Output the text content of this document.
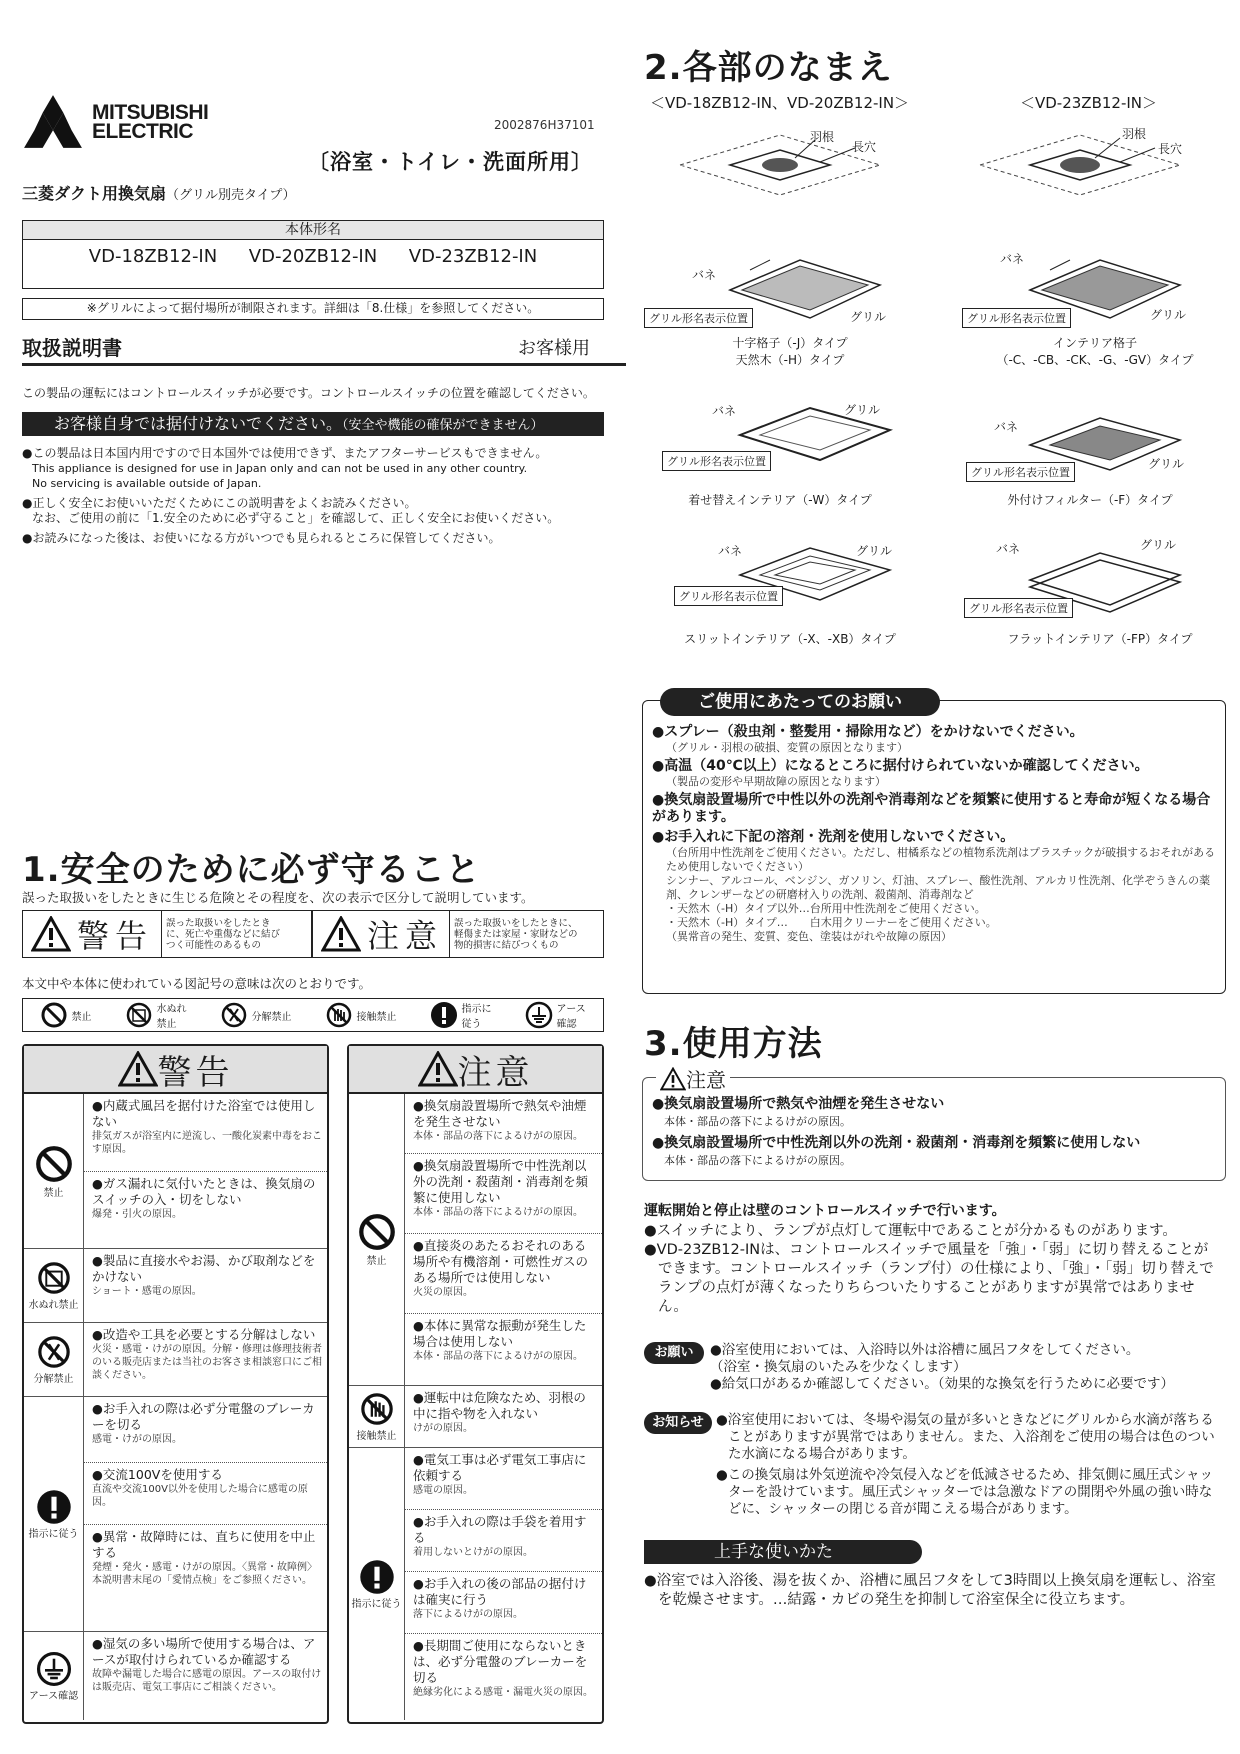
MITSUBISHI
ELECTRIC	2002876H37101
〔浴室・トイレ・洗面所用〕
三菱ダクト用換気扇（グリル別売タイプ）
本体形名
VD-18ZB12-IN VD-20ZB12-IN VD-23ZB12-IN
※グリルによって据付場所が制限されます。詳細は「8.仕様」を参照してください。
取扱説明書	お客様用
この製品の運転にはコントロールスイッチが必要です。コントロールスイッチの位置を確認してください。
お客様自身では据付けないでください。（安全や機能の確保ができません）
●この製品は日本国内用ですので日本国外では使用できず、またアフターサービスもできません。
This appliance is designed for use in Japan only and can not be used in any other country.
No servicing is available outside of Japan.
●正しく安全にお使いいただくためにこの説明書をよくお読みください。
なお、ご使用の前に「1.安全のために必ず守ること」を確認して、正しく安全にお使いください。
●お読みになった後は、お使いになる方がいつでも見られるところに保管してください。
1.安全のために必ず守ること
誤った取扱いをしたときに生じる危険とその程度を、次の表示で区分して説明しています。
警告	誤った取扱いをしたときに、死亡や重傷などに結びつく可能性のあるもの	注意	誤った取扱いをしたときに、軽傷または家屋・家財などの物的損害に結びつくもの
本文中や本体に使われている図記号の意味は次のとおりです。
禁止
水ぬれ禁止
分解禁止	接触禁止
指示に従う
アース確認
警告
禁止
●内蔵式風呂を据付けた浴室では使用しない
排気ガスが浴室内に逆流し、一酸化炭素中毒をおこす原因。
●ガス漏れに気付いたときは、換気扇のスイッチの入・切をしない
爆発・引火の原因。
水ぬれ禁止
●製品に直接水やお湯、かび取剤などをかけない
ショート・感電の原因。
分解禁止
●改造や工具を必要とする分解はしない
火災・感電・けがの原因。分解・修理は修理技術者のいる販売店または当社のお客さま相談窓口にご相談ください。
指示に従う
●お手入れの際は必ず分電盤のブレーカーを切る
感電・けがの原因。
●交流100Vを使用する
直流や交流100V以外を使用した場合に感電の原因。
●異常・故障時には、直ちに使用を中止する
発煙・発火・感電・けがの原因。〈異常・故障例〉本説明書末尾の「愛情点検」をご参照ください。
アース確認
●湿気の多い場所で使用する場合は、アースが取付けられているか確認する
故障や漏電した場合に感電の原因。アースの取付けは販売店、電気工事店にご相談ください。
注意
禁止
●換気扇設置場所で熱気や油煙を発生させない
本体・部品の落下によるけがの原因。
●換気扇設置場所で中性洗剤以外の洗剤・殺菌剤・消毒剤を頻繁に使用しない
本体・部品の落下によるけがの原因。
●直接炎のあたるおそれのある場所や有機溶剤・可燃性ガスのある場所では使用しない
火災の原因。
●本体に異常な振動が発生した場合は使用しない
本体・部品の落下によるけがの原因。
接触禁止
●運転中は危険なため、羽根の中に指や物を入れない
けがの原因。
指示に従う
●電気工事は必ず電気工事店に依頼する
感電の原因。
●お手入れの際は手袋を着用する
着用しないとけがの原因。
●お手入れの後の部品の据付けは確実に行う
落下によるけがの原因。
●長期間ご使用にならないときは、必ず分電盤のブレーカーを切る
絶縁劣化による感電・漏電火災の原因。
2.各部のなまえ
＜VD-18ZB12-IN、VD-20ZB12-IN＞	＜VD-23ZB12-IN＞
羽根
長穴
羽根
長穴
バネ
グリル
グリル形名表示位置
十字格子（-J）タイプ
天然木（-H）タイプ
バネ
グリル
グリル形名表示位置
インテリア格子
（-C、-CB、-CK、-G、-GV）タイプ
バネ	グリル
グリル形名表示位置
着せ替えインテリア（-W）タイプ
バネ
グリル
グリル形名表示位置
外付けフィルター（-F）タイプ
バネ	グリル
グリル形名表示位置
スリットインテリア（-X、-XB）タイプ
バネ	グリル
グリル形名表示位置
フラットインテリア（-FP）タイプ
ご使用にあたってのお願い
●スプレー（殺虫剤・整髪用・掃除用など）をかけないでください。
（グリル・羽根の破損、変質の原因となります）
●高温（40℃以上）になるところに据付けられていないか確認してください。
（製品の変形や早期故障の原因となります）
●換気扇設置場所で中性以外の洗剤や消毒剤などを頻繁に使用すると寿命が短くなる場合があります。
●お手入れに下記の溶剤・洗剤を使用しないでください。
（台所用中性洗剤をご使用ください。ただし、柑橘系などの植物系洗剤はプラスチックが破損するおそれがあるため使用しないでください）
シンナー、アルコール、ベンジン、ガソリン、灯油、スプレー、酸性洗剤、アルカリ性洗剤、化学ぞうきんの薬剤、クレンザーなどの研磨材入りの洗剤、殺菌剤、消毒剤など
・天然木（-H）タイプ以外…台所用中性洗剤をご使用ください。
・天然木（-H）タイプ…　　白木用クリーナーをご使用ください。
（異常音の発生、変質、変色、塗装はがれや故障の原因）
3.使用方法
注意
●換気扇設置場所で熱気や油煙を発生させない
本体・部品の落下によるけがの原因。
●換気扇設置場所で中性洗剤以外の洗剤・殺菌剤・消毒剤を頻繁に使用しない
本体・部品の落下によるけがの原因。
運転開始と停止は壁のコントロールスイッチで行います。
●スイッチにより、ランプが点灯して運転中であることが分かるものがあります。
●VD-23ZB12-INは、コントロールスイッチで風量を「強」・「弱」に切り替えることができます。コントロールスイッチ（ランプ付）の仕様により、「強」・「弱」切り替えでランプの点灯が薄くなったりちらついたりすることがありますが異常ではありません。
お願い	●浴室使用においては、入浴時以外は浴槽に風呂フタをしてください。
（浴室・換気扇のいたみを少なくします）
●給気口があるか確認してください。（効果的な換気を行うために必要です）
お知らせ ●浴室使用においては、冬場や湯気の量が多いときなどにグリルから水滴が落ちることがありますが異常ではありません。また、入浴剤をご使用の場合は色のついた水滴になる場合があります。
●この換気扇は外気逆流や冷気侵入などを低減させるため、排気側に風圧式シャッターを設けています。風圧式シャッターでは急激なドアの開閉や外風の強い時などに、シャッターの閉じる音が聞こえる場合があります。
上手な使いかた
●浴室では入浴後、湯を抜くか、浴槽に風呂フタをして3時間以上換気扇を運転し、浴室を乾燥させます。…結露・カビの発生を抑制して浴室保全に役立ちます。
